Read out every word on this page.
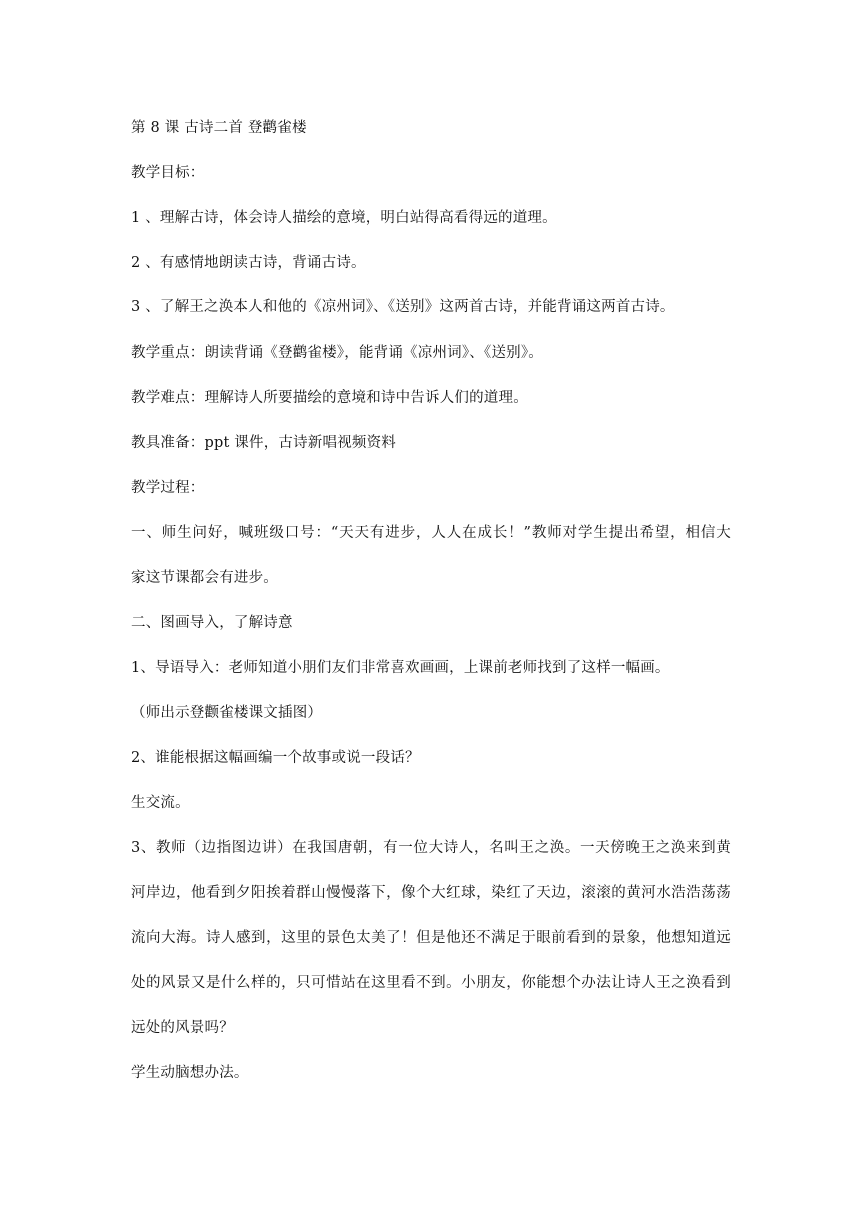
第 8 课 古诗二首 登鹳雀楼
教学目标：
1 、理解古诗，体会诗人描绘的意境，明白站得高看得远的道理。
2 、有感情地朗读古诗，背诵古诗。
3 、了解王之涣本人和他的《凉州词》、《送别》这两首古诗，并能背诵这两首古诗。
教学重点：朗读背诵《登鹳雀楼》，能背诵《凉州词》、《送别》。
教学难点：理解诗人所要描绘的意境和诗中告诉人们的道理。
教具准备：ppt 课件，古诗新唱视频资料
教学过程：
一、师生问好，喊班级口号：“天天有进步，人人在成长！”教师对学生提出希望，相信大
家这节课都会有进步。
二、图画导入，了解诗意
1、导语导入：老师知道小朋们友们非常喜欢画画，上课前老师找到了这样一幅画。
（师出示登颧雀楼课文插图）
2、谁能根据这幅画编一个故事或说一段话？
生交流。
3、教师（边指图边讲）在我国唐朝，有一位大诗人，名叫王之涣。一天傍晚王之涣来到黄
河岸边，他看到夕阳挨着群山慢慢落下，像个大红球，染红了天边，滚滚的黄河水浩浩荡荡
流向大海。诗人感到，这里的景色太美了！但是他还不满足于眼前看到的景象，他想知道远
处的风景又是什么样的，只可惜站在这里看不到。小朋友，你能想个办法让诗人王之涣看到
远处的风景吗？
学生动脑想办法。
